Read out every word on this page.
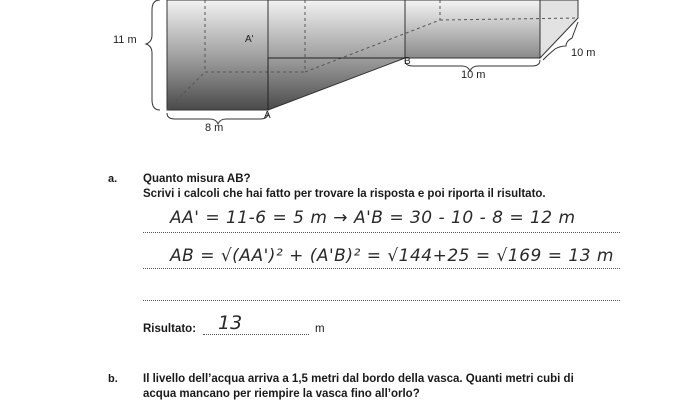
11 m
8 m
10 m
10 m
A
B
A'
a. Quanto misura AB?
Scrivi i calcoli che hai fatto per trovare la risposta e poi riporta il risultato.
AA' = 11-6 = 5 m → A'B = 30 - 10 - 8 = 12 m
AB = √(AA')² + (A'B)² = √144+25 = √169 = 13 m
Risultato: 13	m
b. Il livello dell’acqua arriva a 1,5 metri dal bordo della vasca. Quanti metri cubi di
acqua mancano per riempire la vasca fino all’orlo?
